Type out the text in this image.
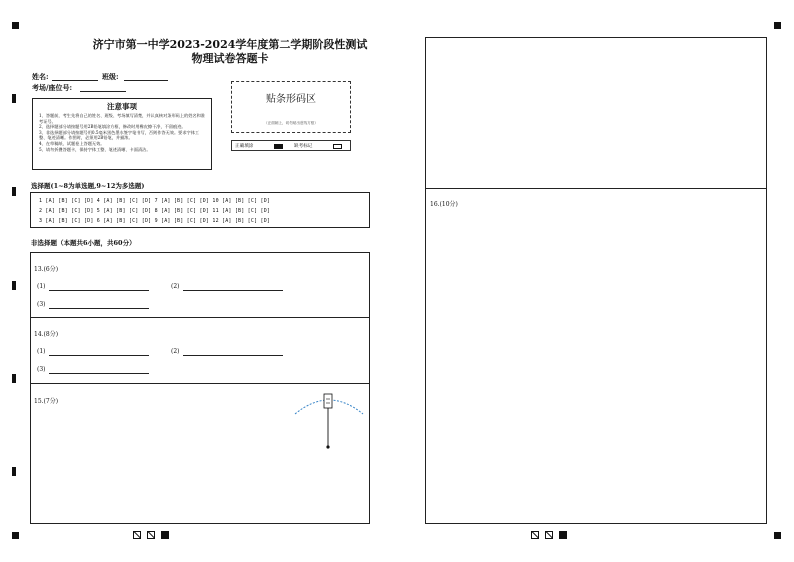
济宁市第一中学2023-2024学年度第二学期阶段性测试
物理试卷答题卡
姓名:	班级:
考场/座位号:
注意事项
1、答题前，考生先将自己的姓名、班级、考场填写清楚，并认真核对条形码上的姓名和准考证号。
2、选择题部分请按题号用2B铅笔填涂方框，修改时用橡皮擦干净，不留痕迹。
3、非选择题部分请按题号用0.5毫米黑色墨水签字笔书写，否则作答无效。要求字体工整、笔迹清晰。作图时，必须用2B铅笔，并描浓。
4、在草稿纸、试题卷上答题无效。
5、请勿折叠答题卡，保持字体工整、笔迹清晰、卡面清洁。
贴条形码区
（正面朝上，切勿贴出虚线方框）
正确填涂	缺考标记
选择题(1~8为单选题,9~12为多选题)
1 [A] [B] [C] [D] 4 [A] [B] [C] [D] 7 [A] [B] [C] [D] 10 [A] [B] [C] [D]
2 [A] [B] [C] [D] 5 [A] [B] [C] [D] 8 [A] [B] [C] [D] 11 [A] [B] [C] [D]
3 [A] [B] [C] [D] 6 [A] [B] [C] [D] 9 [A] [B] [C] [D] 12 [A] [B] [C] [D]
非选择题（本题共6小题，共60分）
13.(6分)
(1)	(2)
(3)
14.(8分)
(1)	(2)
(3)
15.(7分)
16.(10分)
